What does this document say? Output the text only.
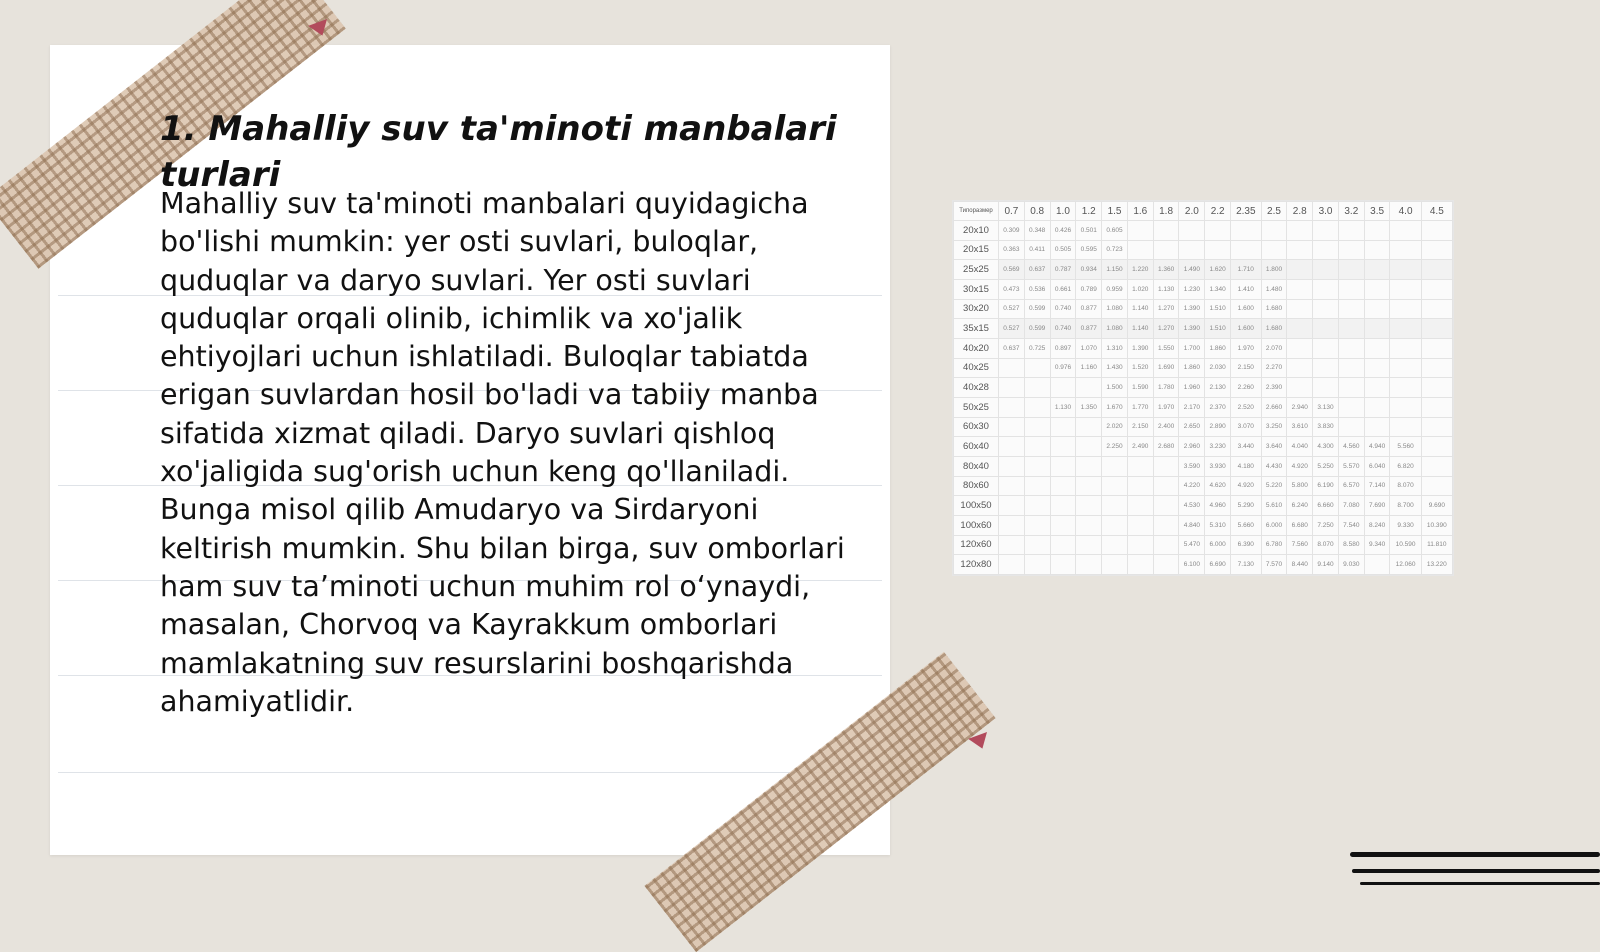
1. Mahalliy suv ta'minoti manbalari turlari

Mahalliy suv ta'minoti manbalari quyidagicha bo'lishi mumkin: yer osti suvlari, buloqlar, quduqlar va daryo suvlari. Yer osti suvlari quduqlar orqali olinib, ichimlik va xo'jalik ehtiyojlari uchun ishlatiladi. Buloqlar tabiatda erigan suvlardan hosil bo'ladi va tabiiy manba sifatida xizmat qiladi. Daryo suvlari qishloq xo'jaligida sug'orish uchun keng qo'llaniladi. Bunga misol qilib Amudaryo va Sirdaryoni keltirish mumkin. Shu bilan birga, suv omborlari ham suv ta’minoti uchun muhim rol o‘ynaydi, masalan, Chorvoq va Kayrakkum omborlari mamlakatning suv resurslarini boshqarishda ahamiyatlidir.

Типоразмер	0.7	0.8	1.0	1.2	1.5	1.6	1.8	2.0	2.2	2.35	2.5	2.8	3.0	3.2	3.5	4.0	4.5
20x10	0.309	0.348	0.426	0.501	0.605												
20x15	0.363	0.411	0.505	0.595	0.723												
25x25	0.569	0.637	0.787	0.934	1.150	1.220	1.360	1.490	1.620	1.710	1.800						
30x15	0.473	0.536	0.661	0.789	0.959	1.020	1.130	1.230	1.340	1.410	1.480						
30x20	0.527	0.599	0.740	0.877	1.080	1.140	1.270	1.390	1.510	1.600	1.680						
35x15	0.527	0.599	0.740	0.877	1.080	1.140	1.270	1.390	1.510	1.600	1.680						
40x20	0.637	0.725	0.897	1.070	1.310	1.390	1.550	1.700	1.860	1.970	2.070						
40x25			0.976	1.160	1.430	1.520	1.690	1.860	2.030	2.150	2.270						
40x28					1.500	1.590	1.780	1.960	2.130	2.260	2.390						
50x25			1.130	1.350	1.670	1.770	1.970	2.170	2.370	2.520	2.660	2.940	3.130				
60x30					2.020	2.150	2.400	2.650	2.890	3.070	3.250	3.610	3.830				
60x40					2.250	2.490	2.680	2.960	3.230	3.440	3.640	4.040	4.300	4.560	4.940	5.560	
80x40								3.590	3.930	4.180	4.430	4.920	5.250	5.570	6.040	6.820	
80x60								4.220	4.620	4.920	5.220	5.800	6.190	6.570	7.140	8.070	
100x50								4.530	4.960	5.290	5.610	6.240	6.660	7.080	7.690	8.700	9.690
100x60								4.840	5.310	5.660	6.000	6.680	7.250	7.540	8.240	9.330	10.390
120x60								5.470	6.000	6.390	6.780	7.560	8.070	8.580	9.340	10.590	11.810
120x80								6.100	6.690	7.130	7.570	8.440	9.140	9.030		12.060	13.220
